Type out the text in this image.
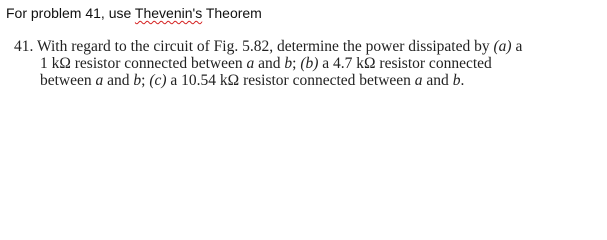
For problem 41, use Thevenin's Theorem
41. With regard to the circuit of Fig. 5.82, determine the power dissipated by (a) a
1 kΩ resistor connected between a and b; (b) a 4.7 kΩ resistor connected
between a and b; (c) a 10.54 kΩ resistor connected between a and b.
